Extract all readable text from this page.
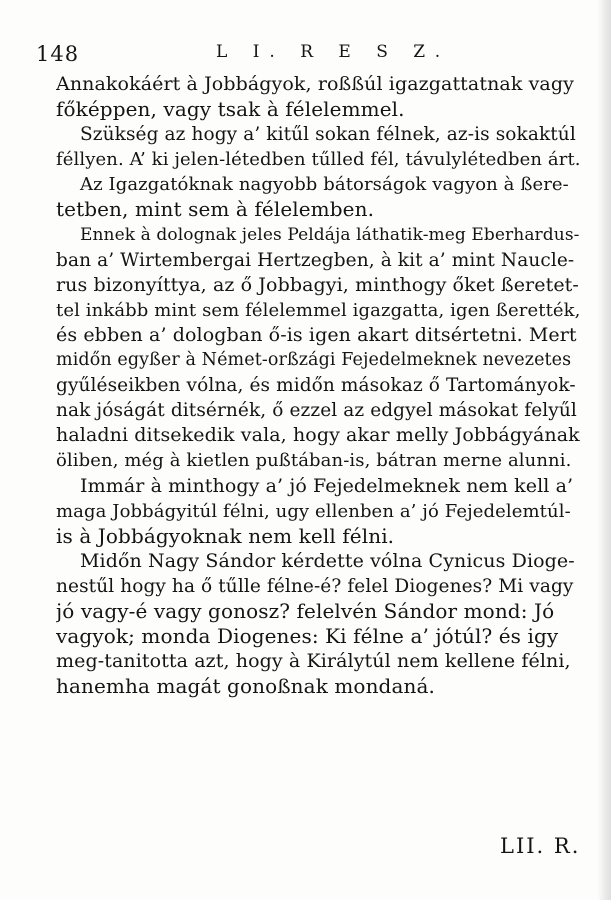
148	L I. R E S Z.
Annakokáért à Jobbágyok, roßßúl igazgattatnak vagy
főképpen, vagy tsak à félelemmel.
Szükség az hogy a’ kitűl sokan félnek, az-is sokaktúl
féllyen. A’ ki jelen-létedben tűlled fél, távulylétedben árt.
Az Igazgatóknak nagyobb bátorságok vagyon à ßere-
tetben, mint sem à félelemben.
Ennek à dolognak jeles Peldája láthatik-meg Eberhardus-
ban a’ Wirtembergai Hertzegben, à kit a’ mint Naucle-
rus bizonyíttya, az ő Jobbagyi, minthogy őket ßeretet-
tel inkább mint sem félelemmel igazgatta, igen ßerették,
és ebben a’ dologban ő-is igen akart ditsértetni. Mert
midőn egyßer à Német-orßzági Fejedelmeknek nevezetes
gyűléseikben vólna, és midőn másokaz ő Tartományok-
nak jóságát ditsérnék, ő ezzel az edgyel másokat felyűl
haladni ditsekedik vala, hogy akar melly Jobbágyának
öliben, még à kietlen pußtában-is, bátran merne alunni.
Immár à minthogy a’ jó Fejedelmeknek nem kell a’
maga Jobbágyitúl félni, ugy ellenben a’ jó Fejedelemtúl-
is à Jobbágyoknak nem kell félni.
Midőn Nagy Sándor kérdette vólna Cynicus Dioge-
nestűl hogy ha ő tűlle félne-é? felel Diogenes? Mi vagy
jó vagy-é vagy gonosz? felelvén Sándor mond: Jó
vagyok; monda Diogenes: Ki félne a’ jótúl? és igy
meg-tanitotta azt, hogy à Királytúl nem kellene félni,
hanemha magát gonoßnak mondaná.
LII. R.
